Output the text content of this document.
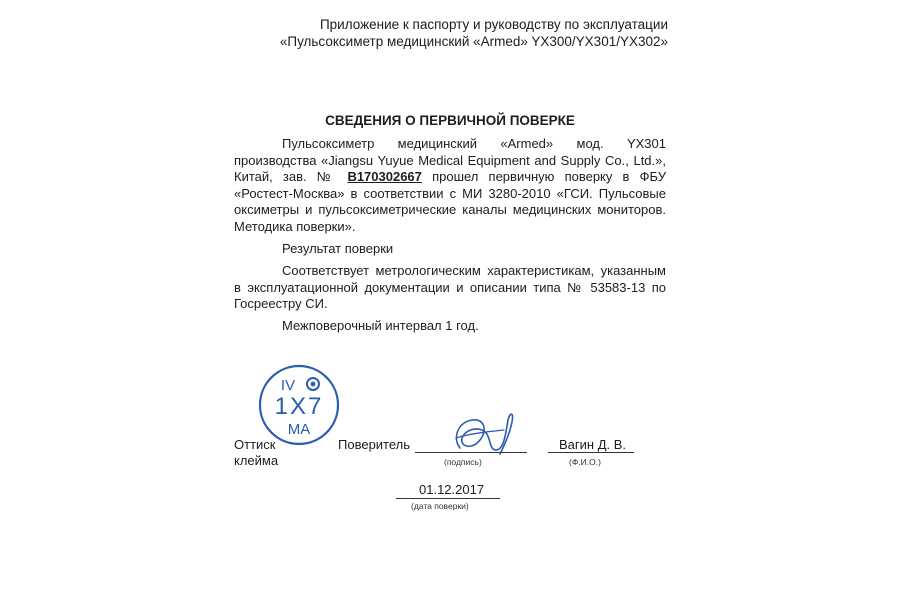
Приложение к паспорту и руководству по эксплуатации
«Пульсоксиметр медицинский «Armed» YX300/YX301/YX302»
СВЕДЕНИЯ О ПЕРВИЧНОЙ ПОВЕРКЕ
Пульсоксиметр медицинский «Armed» мод. YX301 производства «Jiangsu Yuyue Medical Equipment and Supply Co., Ltd.», Китай, зав. № B170302667 прошел первичную поверку в ФБУ «Ростест-Москва» в соответствии с МИ 3280-2010 «ГСИ. Пульсовые оксиметры и пульсоксиметрические каналы медицинских мониторов. Методика поверки».
Результат поверки
Соответствует метрологическим характеристикам, указанным в эксплуатационной документации и описании типа № 53583-13 по Госреестру СИ.
Межповерочный интервал 1 год.
IV
1X7
MA
Оттиск клейма
Поверитель
(подпись)
Вагин Д. В.
(Ф.И.О.)
01.12.2017
(дата поверки)
